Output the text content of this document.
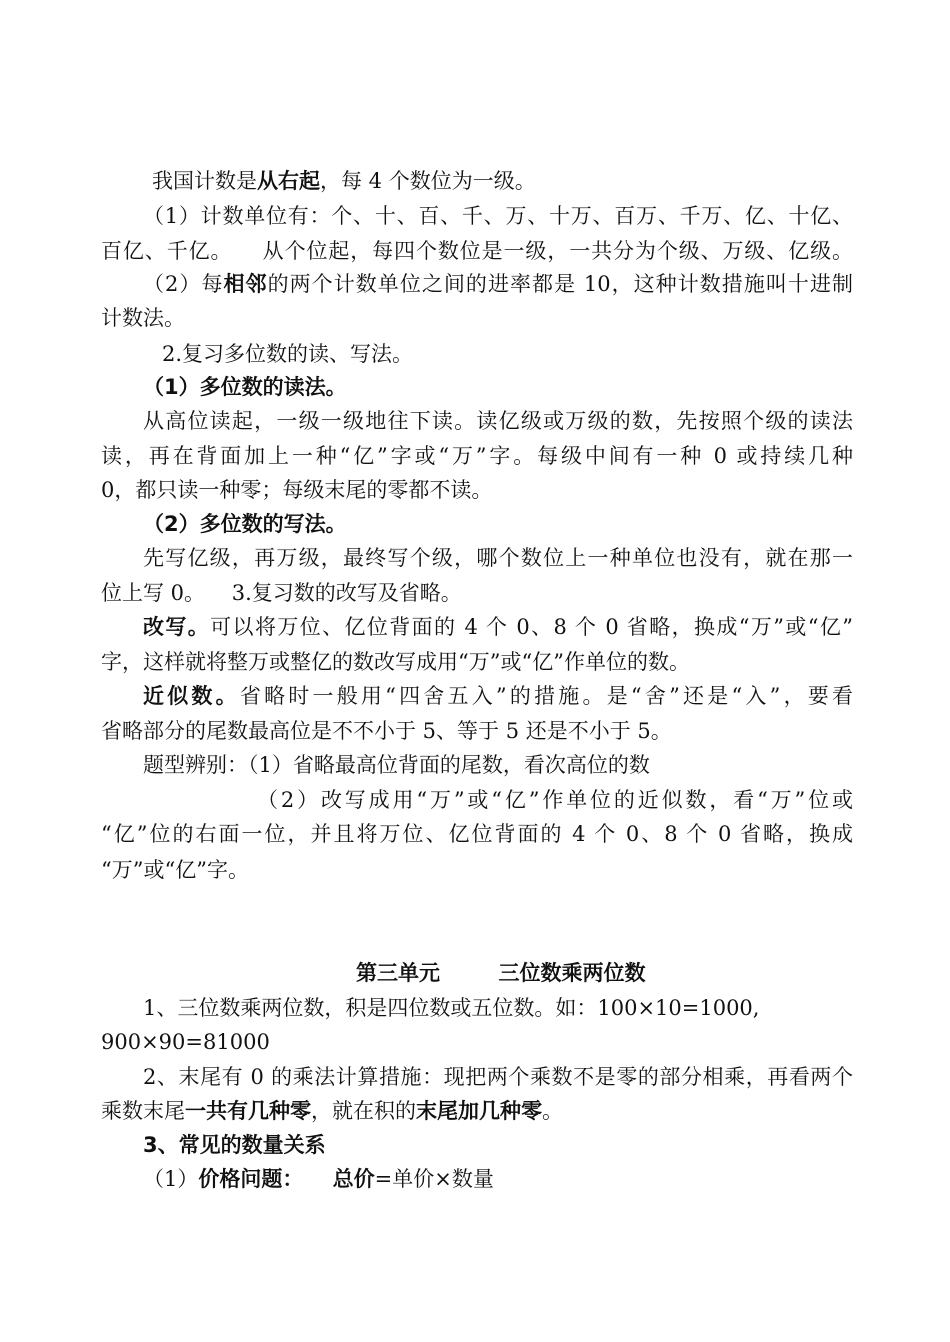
我国计数是从右起，每 4 个数位为一级。
（1）计数单位有：个、十、百、千、万、十万、百万、千万、亿、十亿、
百亿、千亿。    从个位起，每四个数位是一级，一共分为个级、万级、亿级。
（2）每相邻的两个计数单位之间的进率都是 10，这种计数措施叫十进制
计数法。
2.复习多位数的读、写法。
（1）多位数的读法。
从高位读起，一级一级地往下读。读亿级或万级的数，先按照个级的读法
读，再在背面加上一种“亿”字或“万”字。每级中间有一种 0 或持续几种
0，都只读一种零；每级末尾的零都不读。
（2）多位数的写法。
先写亿级，再万级，最终写个级，哪个数位上一种单位也没有，就在那一
位上写 0。    3.复习数的改写及省略。
改写。可以将万位、亿位背面的 4 个 0、8 个 0 省略，换成“万”或“亿”
字，这样就将整万或整亿的数改写成用“万”或“亿”作单位的数。
近似数。省略时一般用“四舍五入”的措施。是“舍”还是“入”，要看
省略部分的尾数最高位是不不小于 5、等于 5 还是不小于 5。
题型辨别：（1）省略最高位背面的尾数，看次高位的数
（2）改写成用“万”或“亿”作单位的近似数，看“万”位或
“亿”位的右面一位，并且将万位、亿位背面的 4 个 0、8 个 0 省略，换成
“万”或“亿”字。
第三单元        三位数乘两位数
1、三位数乘两位数，积是四位数或五位数。如：100×10=1000,
900×90=81000
2、末尾有 0 的乘法计算措施：现把两个乘数不是零的部分相乘，再看两个
乘数末尾一共有几种零，就在积的末尾加几种零。
3、常见的数量关系
（1）价格问题：    总价=单价×数量
